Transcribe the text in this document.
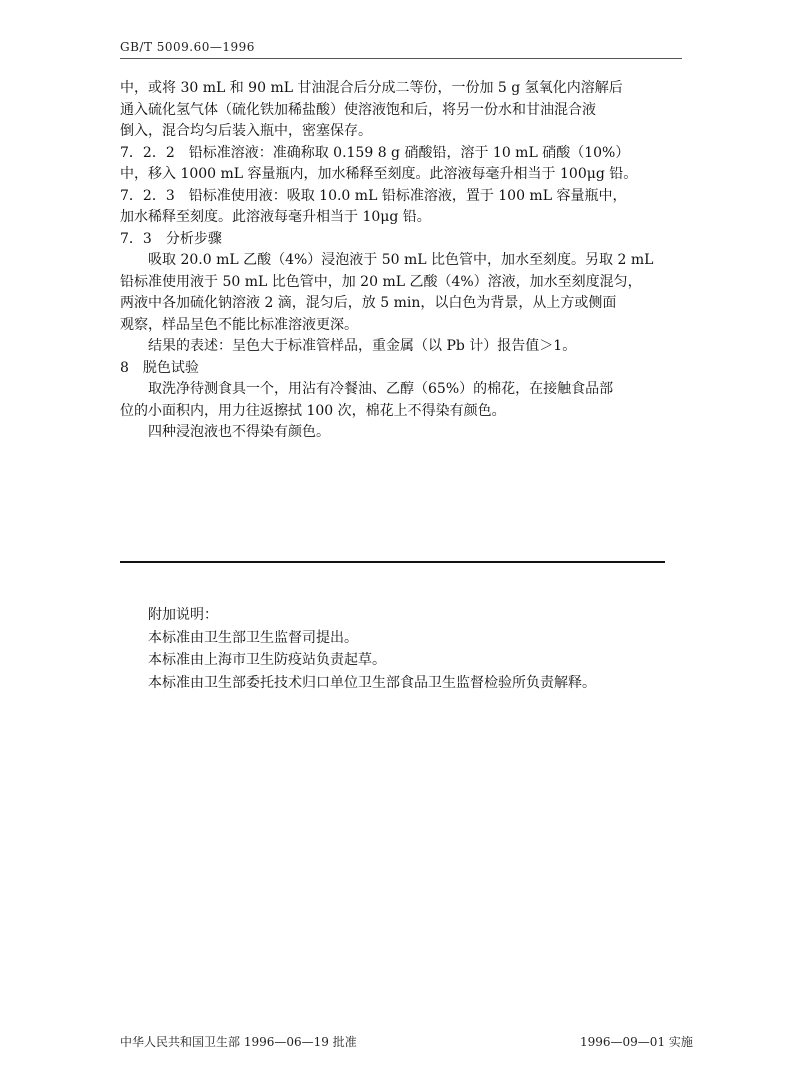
GB/T 5009.60—1996
中，或将 30 mL 和 90 mL 甘油混合后分成二等份，一份加 5 g 氢氧化内溶解后
通入硫化氢气体（硫化铁加稀盐酸）使溶液饱和后，将另一份水和甘油混合液
倒入，混合均匀后装入瓶中，密塞保存。
7．2．2　铅标准溶液：准确称取 0.159 8 g 硝酸铅，溶于 10 mL 硝酸（10%）
中，移入 1000 mL 容量瓶内，加水稀释至刻度。此溶液每毫升相当于 100μg 铅。
7．2．3　铅标准使用液：吸取 10.0 mL 铅标准溶液，置于 100 mL 容量瓶中，
加水稀释至刻度。此溶液每毫升相当于 10μg 铅。
7．3　分析步骤
吸取 20.0 mL 乙酸（4%）浸泡液于 50 mL 比色管中，加水至刻度。另取 2 mL
铅标准使用液于 50 mL 比色管中，加 20 mL 乙酸（4%）溶液，加水至刻度混匀，
两液中各加硫化钠溶液 2 滴，混匀后，放 5 min，以白色为背景，从上方或侧面
观察，样品呈色不能比标准溶液更深。
结果的表述：呈色大于标准管样品，重金属（以 Pb 计）报告值＞1。
8　脱色试验
取洗净待测食具一个，用沾有冷餐油、乙醇（65%）的棉花，在接触食品部
位的小面积内，用力往返擦拭 100 次，棉花上不得染有颜色。
四种浸泡液也不得染有颜色。
附加说明：
本标准由卫生部卫生监督司提出。
本标准由上海市卫生防疫站负责起草。
本标准由卫生部委托技术归口单位卫生部食品卫生监督检验所负责解释。
中华人民共和国卫生部 1996—06—19 批准	1996—09—01 实施
